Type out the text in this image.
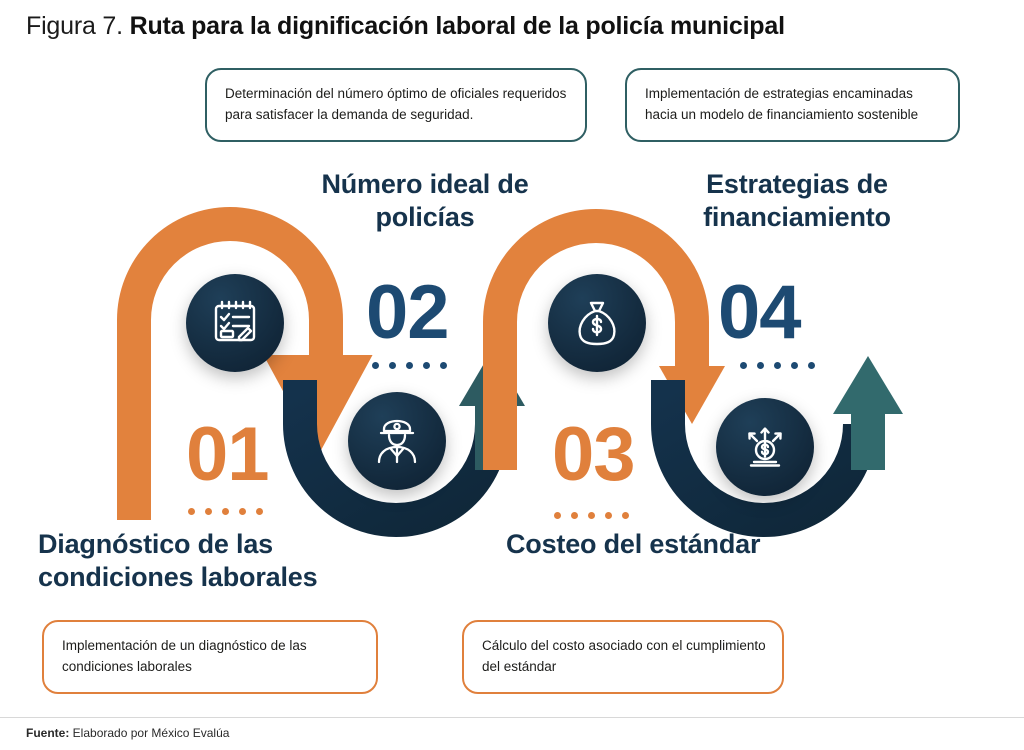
Figura 7. Ruta para la dignificación laboral de la policía municipal
01
02
03
04
Diagnóstico de las condiciones laborales
Número ideal de policías
Costeo del estándar
Estrategias de financiamiento
Determinación del número óptimo de oficiales requeridos para satisfacer la demanda de seguridad.
Implementación de estrategias encaminadas hacia un modelo de financiamiento sostenible
Implementación de un diagnóstico de las condiciones laborales
Cálculo del costo asociado con el cumplimiento del estándar
Fuente: Elaborado por México Evalúa
